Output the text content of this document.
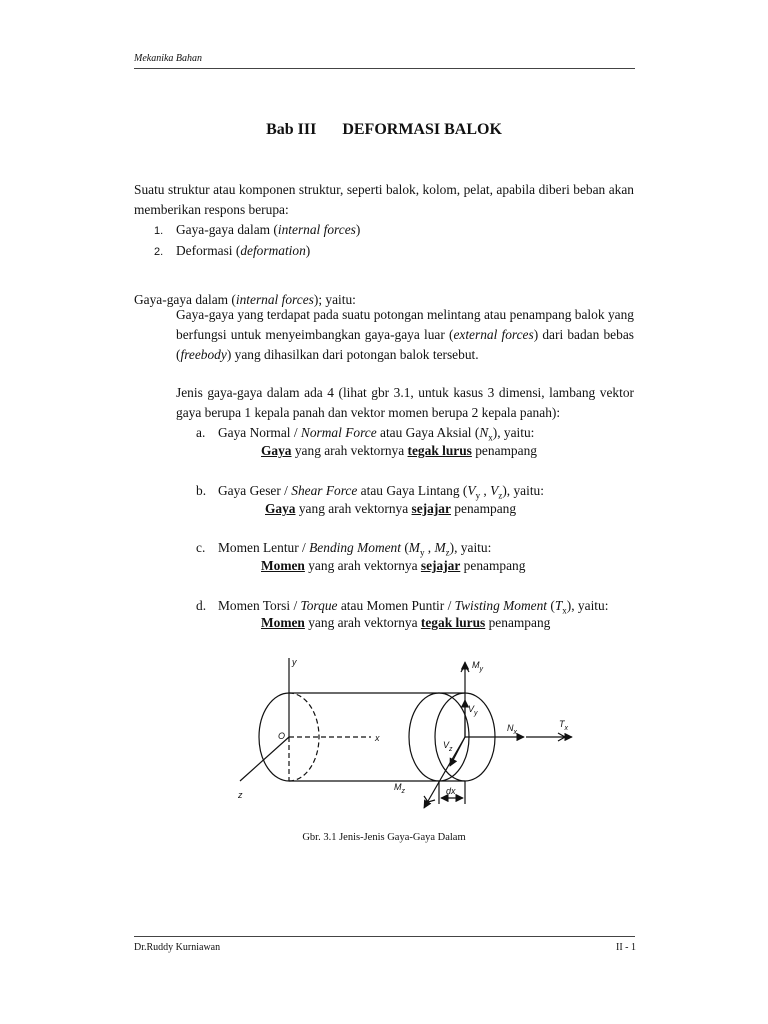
Mekanika Bahan
Bab III DEFORMASI BALOK
Suatu struktur atau komponen struktur, seperti balok, kolom, pelat, apabila diberi beban akan memberikan respons berupa:
1. Gaya-gaya dalam (internal forces)
2. Deformasi (deformation)
Gaya-gaya dalam (internal forces); yaitu:
Gaya-gaya yang terdapat pada suatu potongan melintang atau penampang balok yang berfungsi untuk menyeimbangkan gaya-gaya luar (external forces) dari badan bebas (freebody) yang dihasilkan dari potongan balok tersebut.
Jenis gaya-gaya dalam ada 4 (lihat gbr 3.1, untuk kasus 3 dimensi, lambang vektor gaya berupa 1 kepala panah dan vektor momen berupa 2 kepala panah):
a. Gaya Normal / Normal Force atau Gaya Aksial $(N_x)$, yaitu:
Gaya yang arah vektornya tegak lurus penampang
b. Gaya Geser / Shear Force atau Gaya Lintang ($V_y$ , $V_z$), yaitu:
Gaya yang arah vektornya sejajar penampang
c. Momen Lentur / Bending Moment ($M_y$ , $M_z$), yaitu:
Momen yang arah vektornya sejajar penampang
d. Momen Torsi / Torque atau Momen Puntir / Twisting Moment $(T_x)$, yaitu:
Momen yang arah vektornya tegak lurus penampang
y
x
z
O
$M_y$
$V_y$
$N_x$
$T_x$
$V_z$
$M_z$	dx
Gbr. 3.1 Jenis-Jenis Gaya-Gaya Dalam
Dr.Ruddy Kurniawan	II - 1
